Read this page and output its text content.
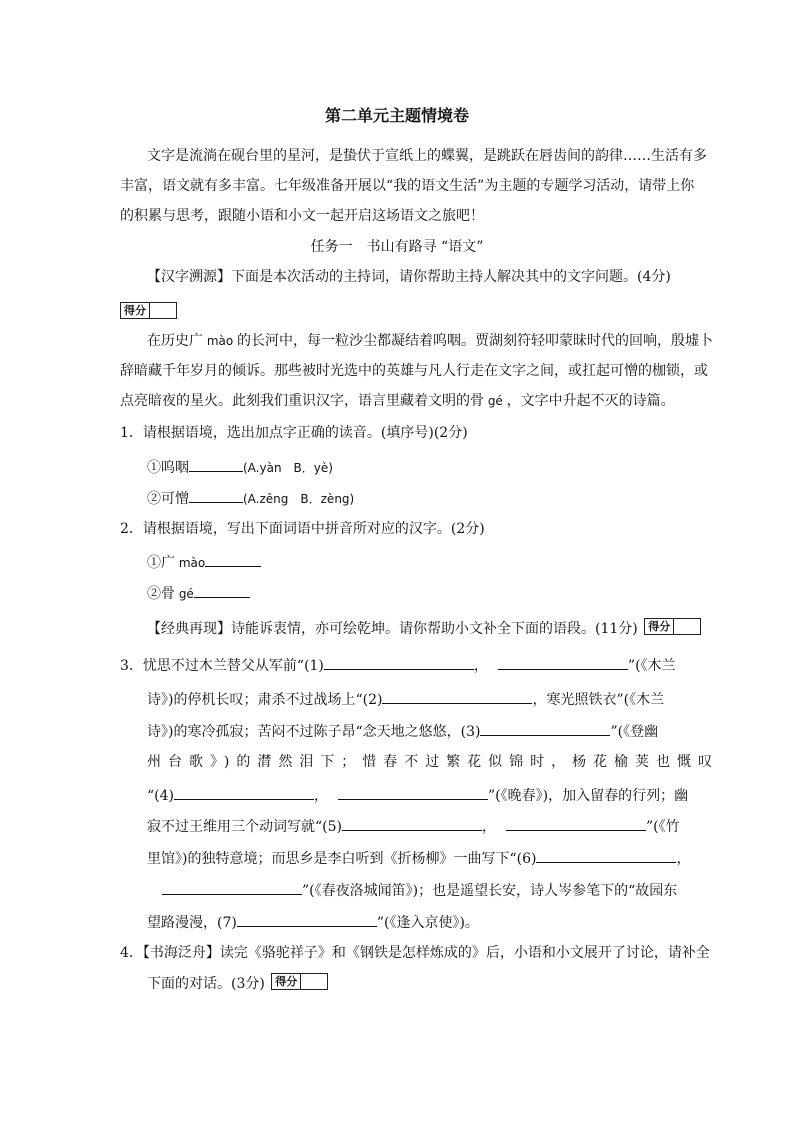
第二单元主题情境卷
文字是流淌在砚台里的星河，是蛰伏于宣纸上的蝶翼，是跳跃在唇齿间的韵律……生活有多
丰富，语文就有多丰富。七年级准备开展以“我的语文生活”为主题的专题学习活动，请带上你
的积累与思考，跟随小语和小文一起开启这场语文之旅吧！
任务一　书山有路寻 “语文”
【汉字溯源】下面是本次活动的主持词，请你帮助主持人解决其中的文字问题。(4分)
得分
在历史广 mào 的长河中，每一粒沙尘都凝结着呜咽。贾湖刻符轻叩蒙昧时代的回响，殷墟卜
辞暗藏千年岁月的倾诉。那些被时光选中的英雄与凡人行走在文字之间，或扛起可憎的枷锁，或
点亮暗夜的星火。此刻我们重识汉字，语言里藏着文明的骨 gé ，文字中升起不灭的诗篇。
1．请根据语境，选出加点字正确的读音。(填序号)(2分)
①呜咽	(A.yàn　B．yè)
②可憎	(A.zēng　B．zèng)
2．请根据语境，写出下面词语中拼音所对应的汉字。(2分)
①广 mào
②骨 gé
【经典再现】诗能诉衷情，亦可绘乾坤。请你帮助小文补全下面的语段。(11分) 得分
3．忧思不过木兰替父从军前“(1)	，	”(《木兰
诗》)的停机长叹；肃杀不过战场上“(2)	，寒光照铁衣”(《木兰
诗》)的寒冷孤寂；苦闷不过陈子昂“念天地之悠悠，(3)	”(《登幽
州台歌》)的潸然泪下；惜春不过繁花似锦时，杨花榆荚也慨叹
“(4)	，	”(《晚春》)，加入留春的行列；幽
寂不过王维用三个动词写就“(5)	，	”(《竹
里馆》)的独特意境；而思乡是李白听到《折杨柳》一曲写下“(6)	，
”(《春夜洛城闻笛》)；也是遥望长安，诗人岑参笔下的“故园东
望路漫漫，(7)	”(《逢入京使》)。
4．【书海泛舟】读完《骆驼祥子》和《钢铁是怎样炼成的》后，小语和小文展开了讨论，请补全
下面的对话。(3分) 得分
